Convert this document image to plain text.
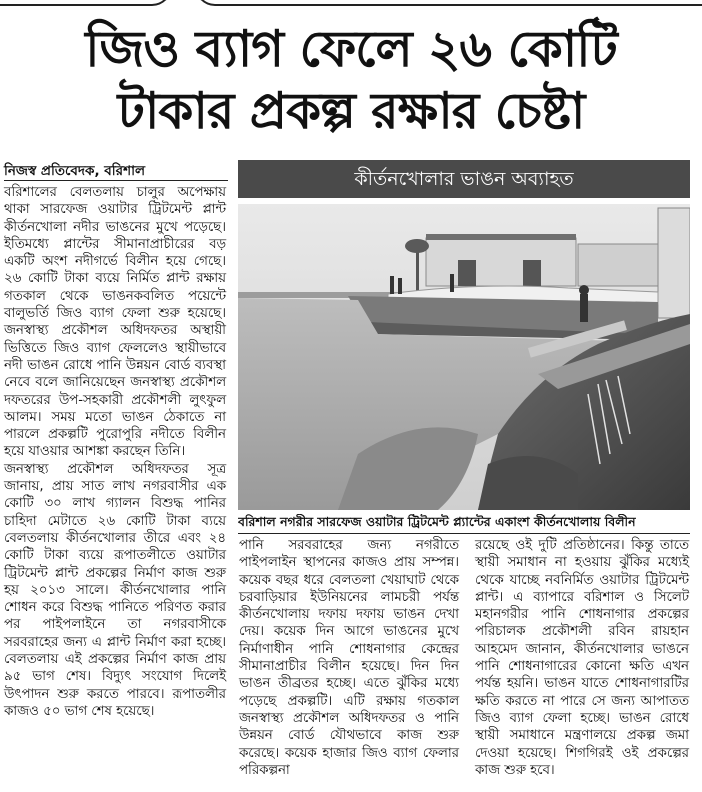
জিও ব্যাগ ফেলে ২৬ কোটি
টাকার প্রকল্প রক্ষার চেষ্টা
নিজস্ব প্রতিবেদক, বরিশাল

বরিশালের বেলতলায় চালুর অপেক্ষায় থাকা সারফেজ ওয়াটার ট্রিটমেন্ট প্লান্ট কীর্তনখোলা নদীর ভাঙনের মুখে পড়েছে। ইতিমধ্যে প্লান্টের সীমানাপ্রাচীরের বড় একটি অংশ নদীগর্ভে বিলীন হয়ে গেছে। ২৬ কোটি টাকা ব্যয়ে নির্মিত প্লান্ট রক্ষায় গতকাল থেকে ভাঙনকবলিত পয়েন্টে বালুভর্তি জিও ব্যাগ ফেলা শুরু হয়েছে। জনস্বাস্থ্য প্রকৌশল অধিদফতর অস্থায়ী ভিত্তিতে জিও ব্যাগ ফেললেও স্থায়ীভাবে নদী ভাঙন রোধে পানি উন্নয়ন বোর্ড ব্যবস্থা নেবে বলে জানিয়েছেন জনস্বাস্থ্য প্রকৌশল দফতরের উপ-সহকারী প্রকৌশলী লুৎফুল আলম। সময় মতো ভাঙন ঠেকাতে না পারলে প্রকল্পটি পুরোপুরি নদীতে বিলীন হয়ে যাওয়ার আশঙ্কা করছেন তিনি।

জনস্বাস্থ্য প্রকৌশল অধিদফতর সূত্র জানায়, প্রায় সাত লাখ নগরবাসীর এক কোটি ৩০ লাখ গ্যালন বিশুদ্ধ পানির চাহিদা মেটাতে ২৬ কোটি টাকা ব্যয়ে বেলতলায় কীর্তনখোলার তীরে এবং ২৪ কোটি টাকা ব্যয়ে রূপাতলীতে ওয়াটার ট্রিটমেন্ট প্লান্ট প্রকল্পের নির্মাণ কাজ শুরু হয় ২০১৩ সালে। কীর্তনখোলার পানি শোধন করে বিশুদ্ধ পানিতে পরিণত করার পর পাইপলাইনে তা নগরবাসীকে সরবরাহের জন্য এ প্লান্ট নির্মাণ করা হচ্ছে। বেলতলায় এই প্রকল্পের নির্মাণ কাজ প্রায় ৯৫ ভাগ শেষ। বিদ্যুৎ সংযোগ দিলেই উৎপাদন শুরু করতে পারবে। রূপাতলীর কাজও ৫০ ভাগ শেষ হয়েছে।

কীর্তনখোলার ভাঙন অব্যাহত
বরিশাল নগরীর সারফেজ ওয়াটার ট্রিটমেন্ট প্ল্যান্টের একাংশ কীর্তনখোলায় বিলীন

পানি সরবরাহের জন্য নগরীতে পাইপলাইন স্থাপনের কাজও প্রায় সম্পন্ন। কয়েক বছর ধরে বেলতলা খেয়াঘাট থেকে চরবাড়িয়ার ইউনিয়নের লামচরী পর্যন্ত কীর্তনখোলায় দফায় দফায় ভাঙন দেখা দেয়। কয়েক দিন আগে ভাঙনের মুখে নির্মাণাধীন পানি শোধনাগার কেন্দ্রের সীমানাপ্রাচীর বিলীন হয়েছে। দিন দিন ভাঙন তীব্রতর হচ্ছে। এতে ঝুঁকির মধ্যে পড়েছে প্রকল্পটি। এটি রক্ষায় গতকাল জনস্বাস্থ্য প্রকৌশল অধিদফতর ও পানি উন্নয়ন বোর্ড যৌথভাবে কাজ শুরু করেছে। কয়েক হাজার জিও ব্যাগ ফেলার পরিকল্পনা

রয়েছে ওই দুটি প্রতিষ্ঠানের। কিন্তু তাতে স্থায়ী সমাধান না হওয়ায় ঝুঁকির মধ্যেই থেকে যাচ্ছে নবনির্মিত ওয়াটার ট্রিটমেন্ট প্লান্ট। এ ব্যাপারে বরিশাল ও সিলেট মহানগরীর পানি শোধনাগার প্রকল্পের পরিচালক প্রকৌশলী রবিন রায়হান আহমেদ জানান, কীর্তনখোলার ভাঙনে পানি শোধনাগারের কোনো ক্ষতি এখন পর্যন্ত হয়নি। ভাঙন যাতে শোধনাগারটির ক্ষতি করতে না পারে সে জন্য আপাতত জিও ব্যাগ ফেলা হচ্ছে। ভাঙন রোধে স্থায়ী সমাধানে মন্ত্রণালয়ে প্রকল্প জমা দেওয়া হয়েছে। শিগগিরই ওই প্রকল্পের কাজ শুরু হবে।
